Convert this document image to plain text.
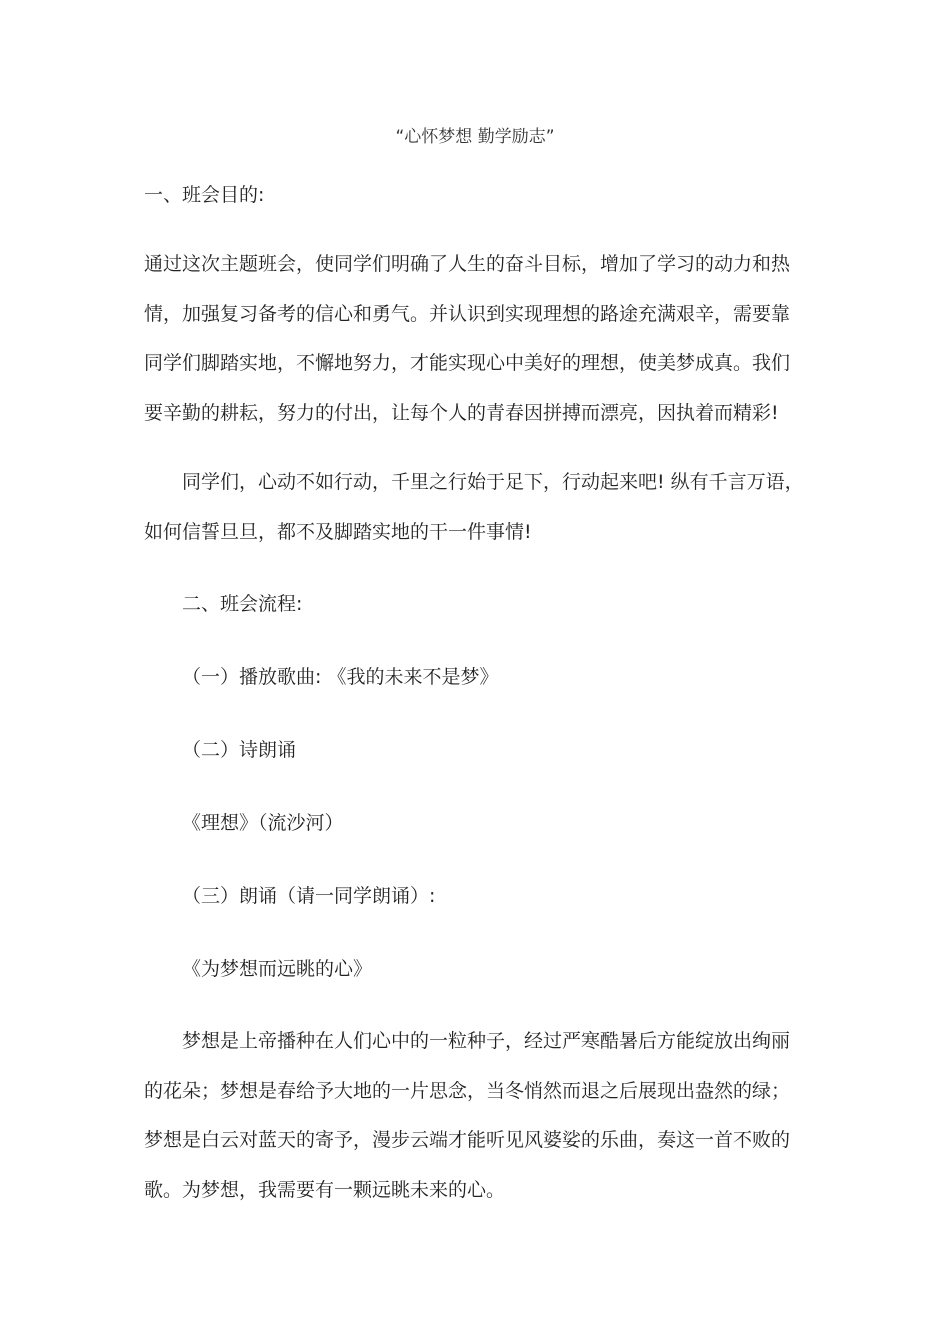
“心怀梦想 勤学励志”
一、班会目的:
通过这次主题班会，使同学们明确了人生的奋斗目标，增加了学习的动力和热
情，加强复习备考的信心和勇气。并认识到实现理想的路途充满艰辛，需要靠
同学们脚踏实地，不懈地努力，才能实现心中美好的理想，使美梦成真。我们
要辛勤的耕耘，努力的付出，让每个人的青春因拼搏而漂亮，因执着而精彩!
同学们，心动不如行动，千里之行始于足下，行动起来吧! 纵有千言万语，
如何信誓旦旦，都不及脚踏实地的干一件事情!
二、班会流程:
（一）播放歌曲: 《我的未来不是梦》
（二）诗朗诵
《理想》（流沙河）
（三）朗诵（请一同学朗诵）:
《为梦想而远眺的心》
梦想是上帝播种在人们心中的一粒种子，经过严寒酷暑后方能绽放出绚丽
的花朵；梦想是春给予大地的一片思念，当冬悄然而退之后展现出盎然的绿；
梦想是白云对蓝天的寄予，漫步云端才能听见风婆娑的乐曲，奏这一首不败的
歌。为梦想，我需要有一颗远眺未来的心。
